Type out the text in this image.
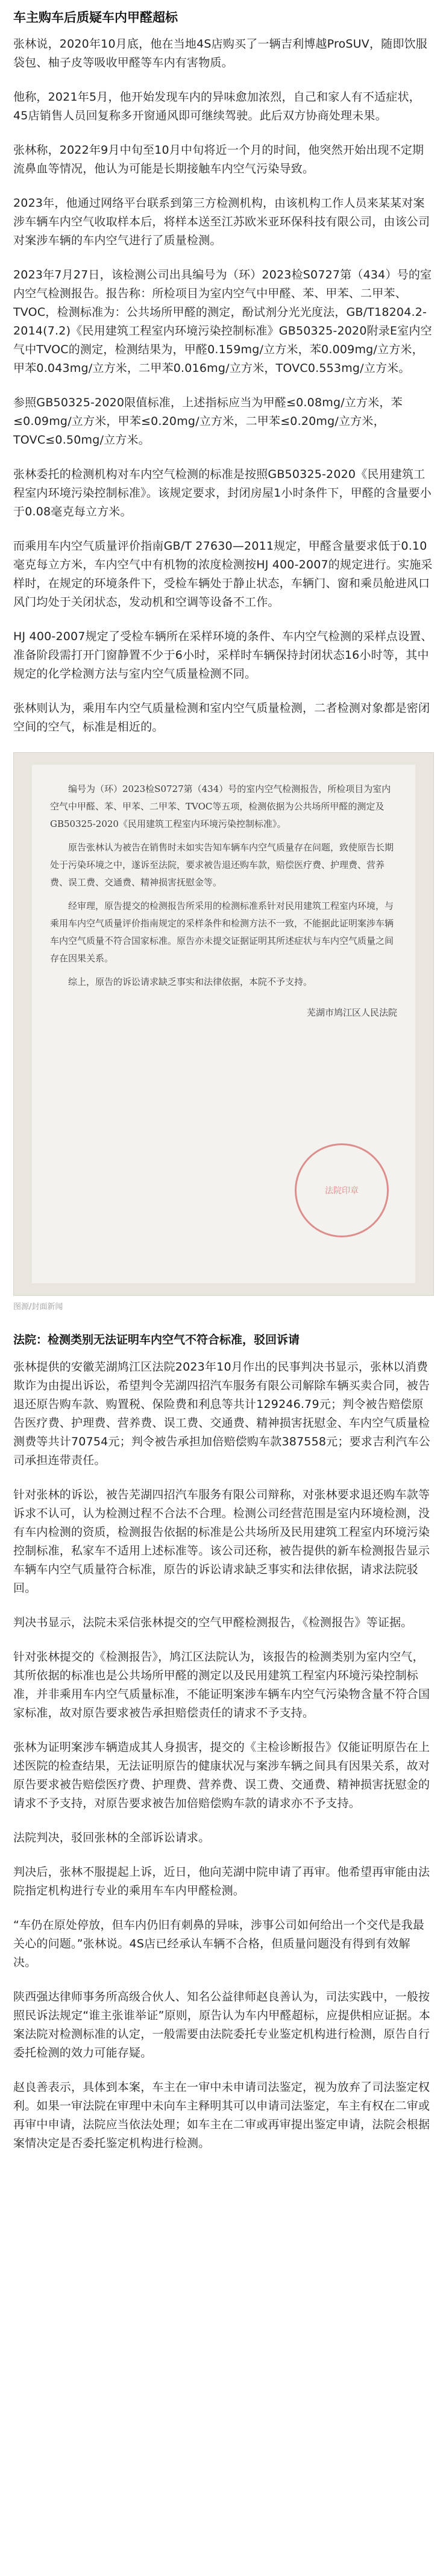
车主购车后质疑车内甲醛超标

张林说，2020年10月底，他在当地4S店购买了一辆吉利博越ProSUV，随即饮服袋包、柚子皮等吸收甲醛等车内有害物质。

他称，2021年5月，他开始发现车内的异味愈加浓烈，自己和家人有不适症状，45店销售人员回复称多开窗通风即可继续驾驶。此后双方协商处理未果。

张林称，2022年9月中旬至10月中旬将近一个月的时间，他突然开始出现不定期流鼻血等情况，他认为可能是长期接触车内空气污染导致。

2023年，他通过网络平台联系到第三方检测机构，由该机构工作人员来某某对案涉车辆车内空气收取样本后，将样本送至江苏欧米亚环保科技有限公司，由该公司对案涉车辆的车内空气进行了质量检测。

2023年7月27日，该检测公司出具编号为（环）2023检S0727第（434）号的室内空气检测报告。报告称：所检项目为室内空气中甲醛、苯、甲苯、二甲苯、TVOC，检测标准为：公共场所甲醛的测定，酚试剂分光光度法，GB/T18204.2-2014(7.2)《民用建筑工程室内环境污染控制标准》GB50325-2020附录E室内空气中TVOC的测定，检测结果为，甲醛0.159mg/立方米，苯0.009mg/立方米，甲苯0.043mg/立方米，二甲苯0.016mg/立方米，TOVC0.553mg/立方米。

参照GB50325-2020限值标准，上述指标应当为甲醛≤0.08mg/立方米，苯≤0.09mg/立方米，甲苯≤0.20mg/立方米，二甲苯≤0.20mg/立方米，TOVC≤0.50mg/立方米。

张林委托的检测机构对车内空气检测的标准是按照GB50325-2020《民用建筑工程室内环境污染控制标准》。该规定要求，封闭房屋1小时条件下，甲醛的含量要小于0.08毫克每立方米。

而乘用车内空气质量评价指南GB/T 27630—2011规定，甲醛含量要求低于0.10毫克每立方米，车内空气中有机物的浓度检测按HJ 400-2007的规定进行。实施采样时，在规定的环境条件下，受检车辆处于静止状态，车辆门、窗和乘员舱进风口风门均处于关闭状态，发动机和空调等设备不工作。

HJ 400-2007规定了受检车辆所在采样环境的条件、车内空气检测的采样点设置、准备阶段需打开门窗静置不少于6小时，采样时车辆保持封闭状态16小时等，其中规定的化学检测方法与室内空气质量检测不同。

张林则认为，乘用车内空气质量检测和室内空气质量检测，二者检测对象都是密闭空间的空气，标准是相近的。

编号为（环）2023检S0727第（434）号的室内空气检测报告，所检项目为室内空气中甲醛、苯、甲苯、二甲苯、TVOC等五项，检测依据为公共场所甲醛的测定及GB50325-2020《民用建筑工程室内环境污染控制标准》。

原告张林认为被告在销售时未如实告知车辆车内空气质量存在问题，致使原告长期处于污染环境之中，遂诉至法院，要求被告退还购车款，赔偿医疗费、护理费、营养费、误工费、交通费、精神损害抚慰金等。

经审理，原告提交的检测报告所采用的检测标准系针对民用建筑工程室内环境，与乘用车内空气质量评价指南规定的采样条件和检测方法不一致，不能据此证明案涉车辆车内空气质量不符合国家标准。原告亦未提交证据证明其所述症状与车内空气质量之间存在因果关系。

综上，原告的诉讼请求缺乏事实和法律依据，本院不予支持。

芜湖市鸠江区人民法院

法院印章
图源/封面新闻
法院：检测类别无法证明车内空气不符合标准，驳回诉请

张林提供的安徽芜湖鸠江区法院2023年10月作出的民事判决书显示，张林以消费欺诈为由提出诉讼，希望判令芜湖四招汽车服务有限公司解除车辆买卖合同，被告退还原告购车款、购置税、保险费和利息等共计129246.79元；判令被告赔偿原告医疗费、护理费、营养费、误工费、交通费、精神损害抚慰金、车内空气质量检测费等共计70754元；判令被告承担加倍赔偿购车款387558元；要求吉利汽车公司承担连带责任。

针对张林的诉讼，被告芜湖四招汽车服务有限公司辩称，对张林要求退还购车款等诉求不认可，认为检测过程不合法不合理。检测公司经营范围是室内环境检测，没有车内检测的资质，检测报告依据的标准是公共场所及民用建筑工程室内环境污染控制标准，私家车不适用上述标准等。该公司还称，被告提供的新车检测报告显示车辆车内空气质量符合标准，原告的诉讼请求缺乏事实和法律依据，请求法院驳回。

判决书显示，法院未采信张林提交的空气甲醛检测报告，《检测报告》等证据。

针对张林提交的《检测报告》，鸠江区法院认为，该报告的检测类别为室内空气，其所依据的标准也是公共场所甲醛的测定以及民用建筑工程室内环境污染控制标准，并非乘用车内空气质量标准，不能证明案涉车辆车内空气污染物含量不符合国家标准，故对原告要求被告承担赔偿责任的请求不予支持。

张林为证明案涉车辆造成其人身损害，提交的《主检诊断报告》仅能证明原告在上述医院的检查结果，无法证明原告的健康状况与案涉车辆之间具有因果关系，故对原告要求被告赔偿医疗费、护理费、营养费、误工费、交通费、精神损害抚慰金的请求不予支持，对原告要求被告加倍赔偿购车款的请求亦不予支持。

法院判决，驳回张林的全部诉讼请求。

判决后，张林不服提起上诉，近日，他向芜湖中院申请了再审。他希望再审能由法院指定机构进行专业的乘用车车内甲醛检测。

“车仍在原处停放，但车内仍旧有刺鼻的异味，涉事公司如何给出一个交代是我最关心的问题。”张林说。4S店已经承认车辆不合格，但质量问题没有得到有效解决。

陕西强达律师事务所高级合伙人、知名公益律师赵良善认为，司法实践中，一般按照民诉法规定“谁主张谁举证”原则，原告认为车内甲醛超标，应提供相应证据。本案法院对检测标准的认定，一般需要由法院委托专业鉴定机构进行检测，原告自行委托检测的效力可能存疑。

赵良善表示，具体到本案，车主在一审中未申请司法鉴定，视为放弃了司法鉴定权利。如果一审法院在审理中未向车主释明其可以申请司法鉴定，车主有权在二审或再审中申请，法院应当依法处理；如车主在二审或再审提出鉴定申请，法院会根据案情决定是否委托鉴定机构进行检测。
